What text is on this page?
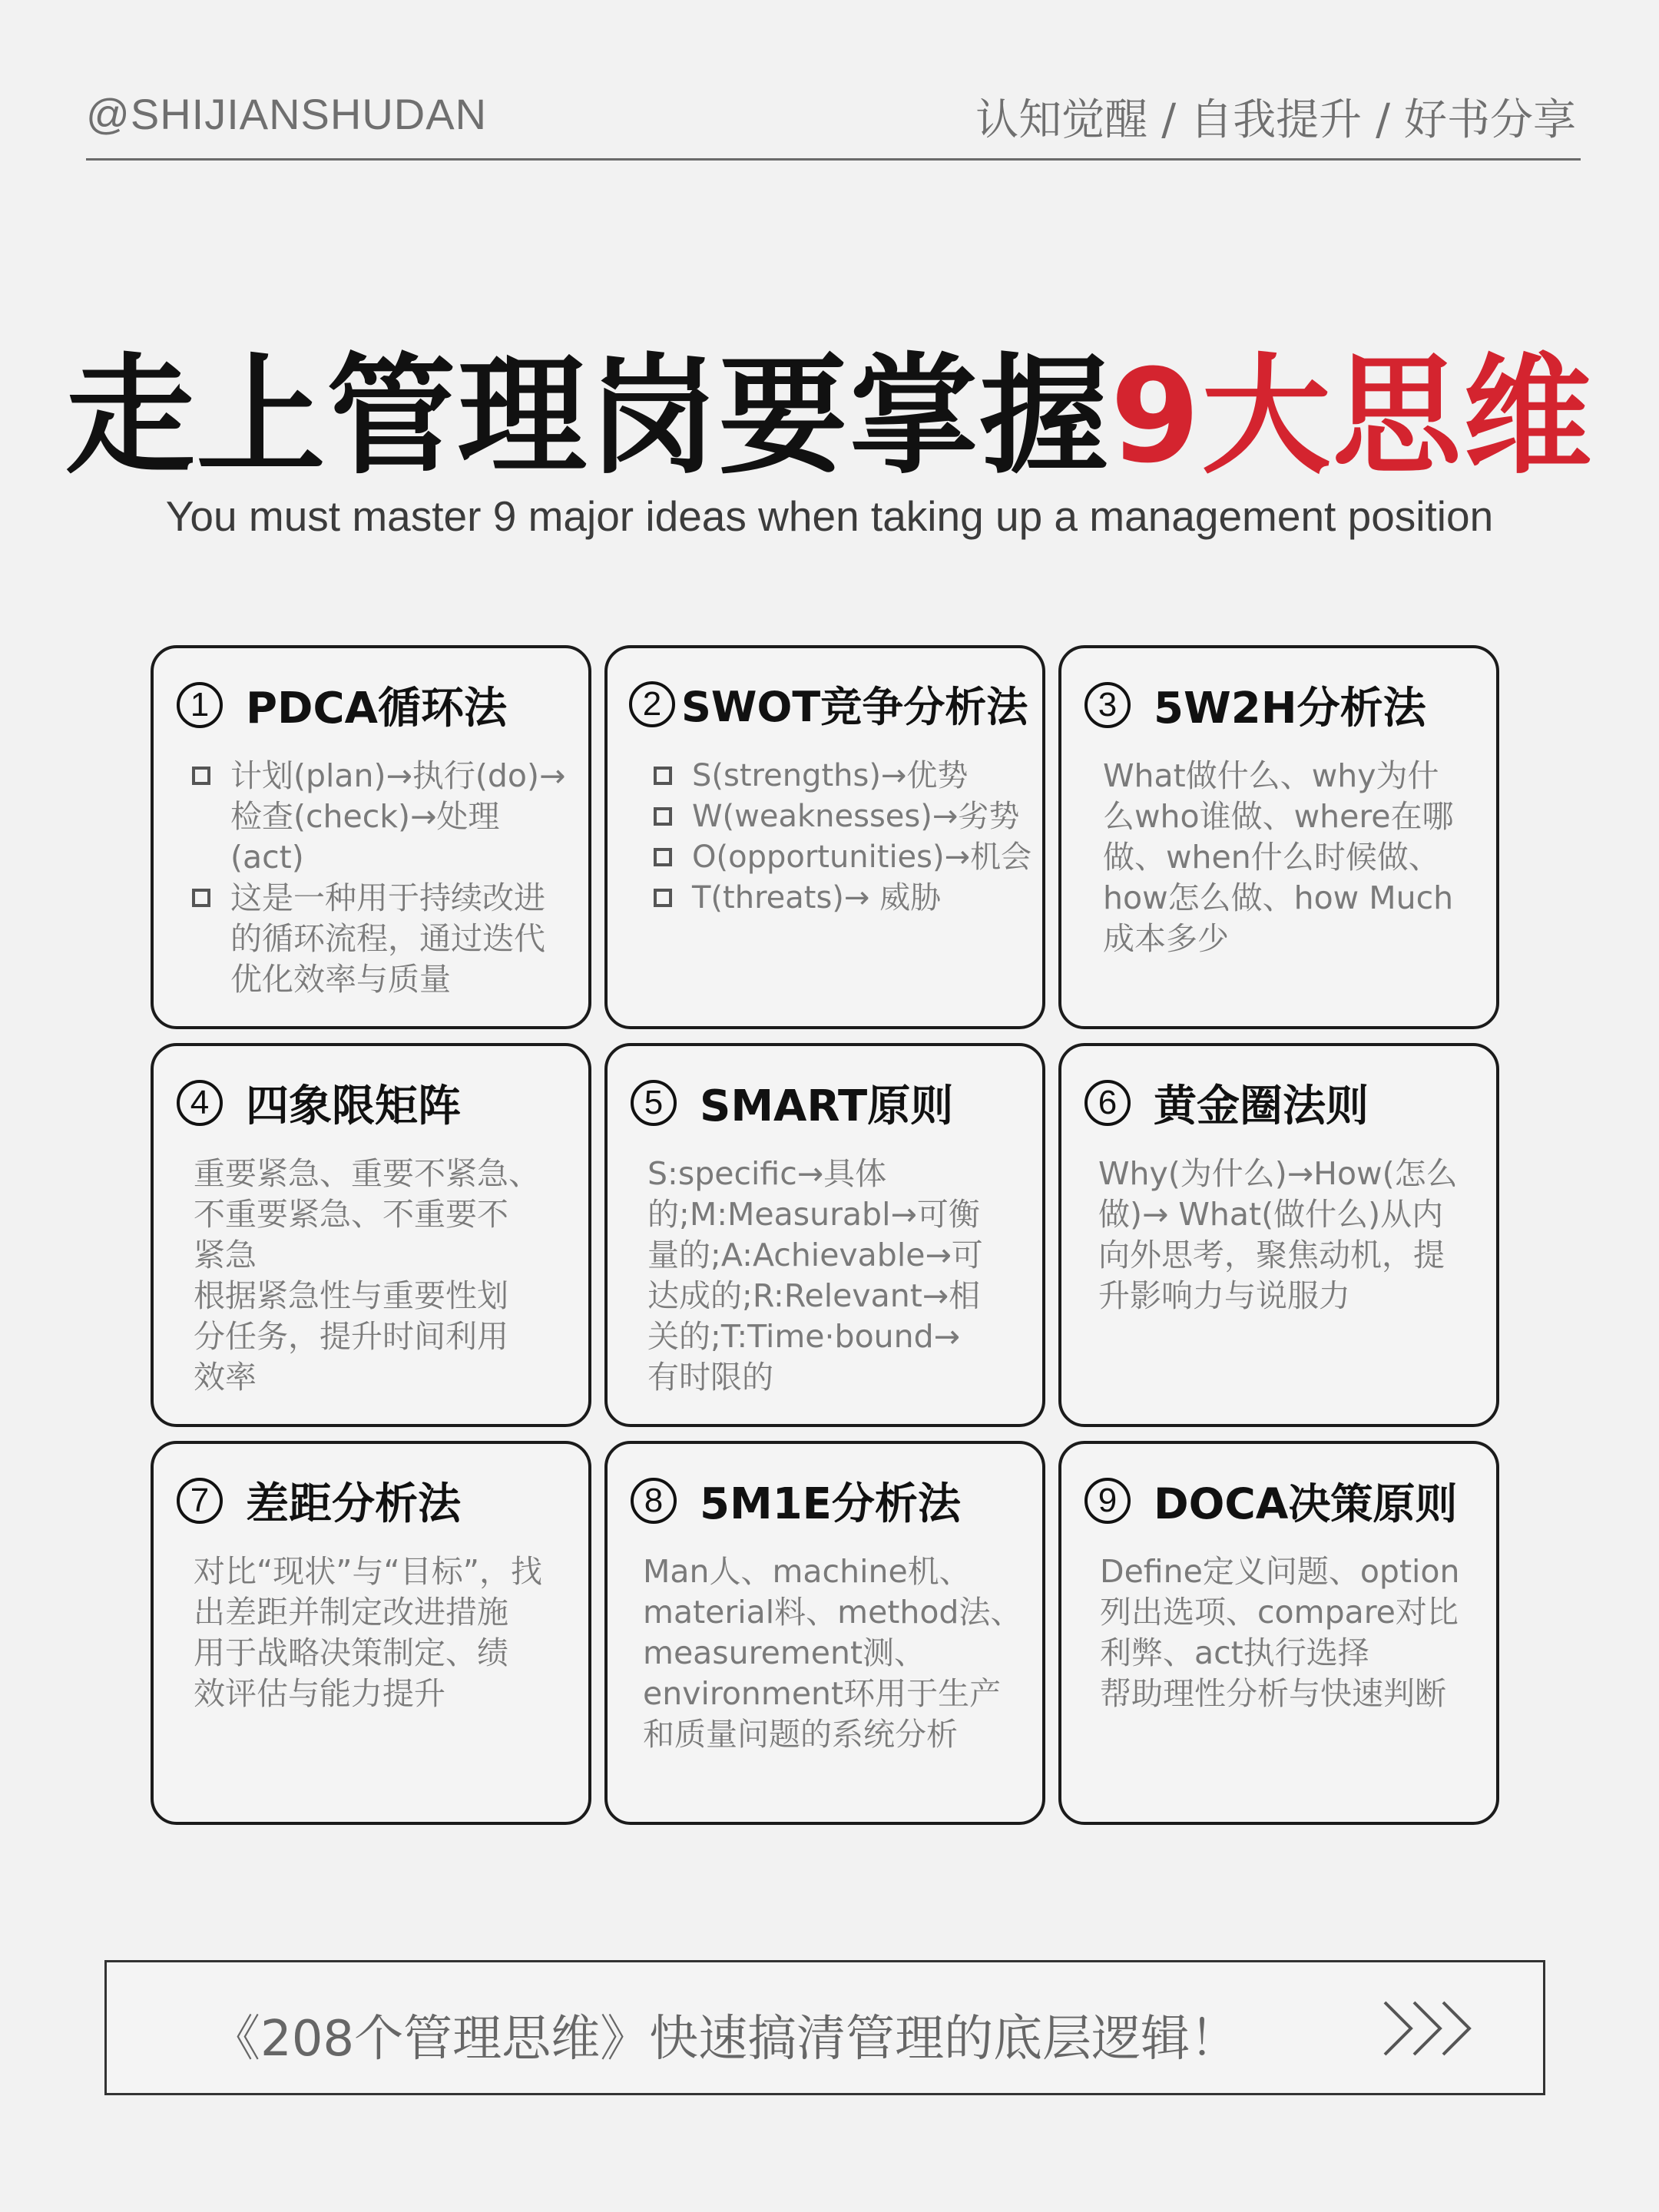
@SHIJIANSHUDAN	认知觉醒 / 自我提升 / 好书分享
走上管理岗要掌握9大思维
You must master 9 major ideas when taking up a management position
1 PDCA循环法
计划(plan)→执行(do)→检查(check)→处理(act)
这是一种用于持续改进的循环流程，通过迭代优化效率与质量
2 SWOT竞争分析法
S(strengths)→优势
W(weaknesses)→劣势
O(opportunities)→机会
T(threats)→ 威胁
3 5W2H分析法
What做什么、why为什
么who谁做、where在哪
做、when什么时候做、
how怎么做、how Much
成本多少
4 四象限矩阵
重要紧急、重要不紧急、
不重要紧急、不重要不
紧急
根据紧急性与重要性划
分任务，提升时间利用
效率
5 SMART原则
S:specific→具体
的;M:Measurabl→可衡
量的;A:Achievable→可
达成的;R:Relevant→相
关的;T:Time·bound→
有时限的
6 黄金圈法则
Why(为什么)→How(怎么
做)→ What(做什么)从内
向外思考，聚焦动机，提
升影响力与说服力
7 差距分析法
对比“现状”与“目标”，找
出差距并制定改进措施
用于战略决策制定、绩
效评估与能力提升
8 5M1E分析法
Man人、machine机、
material料、method法、
measurement测、
environment环用于生产
和质量问题的系统分析
9 DOCA决策原则
Define定义问题、option
列出选项、compare对比
利弊、act执行选择
帮助理性分析与快速判断
《208个管理思维》快速搞清管理的底层逻辑！
